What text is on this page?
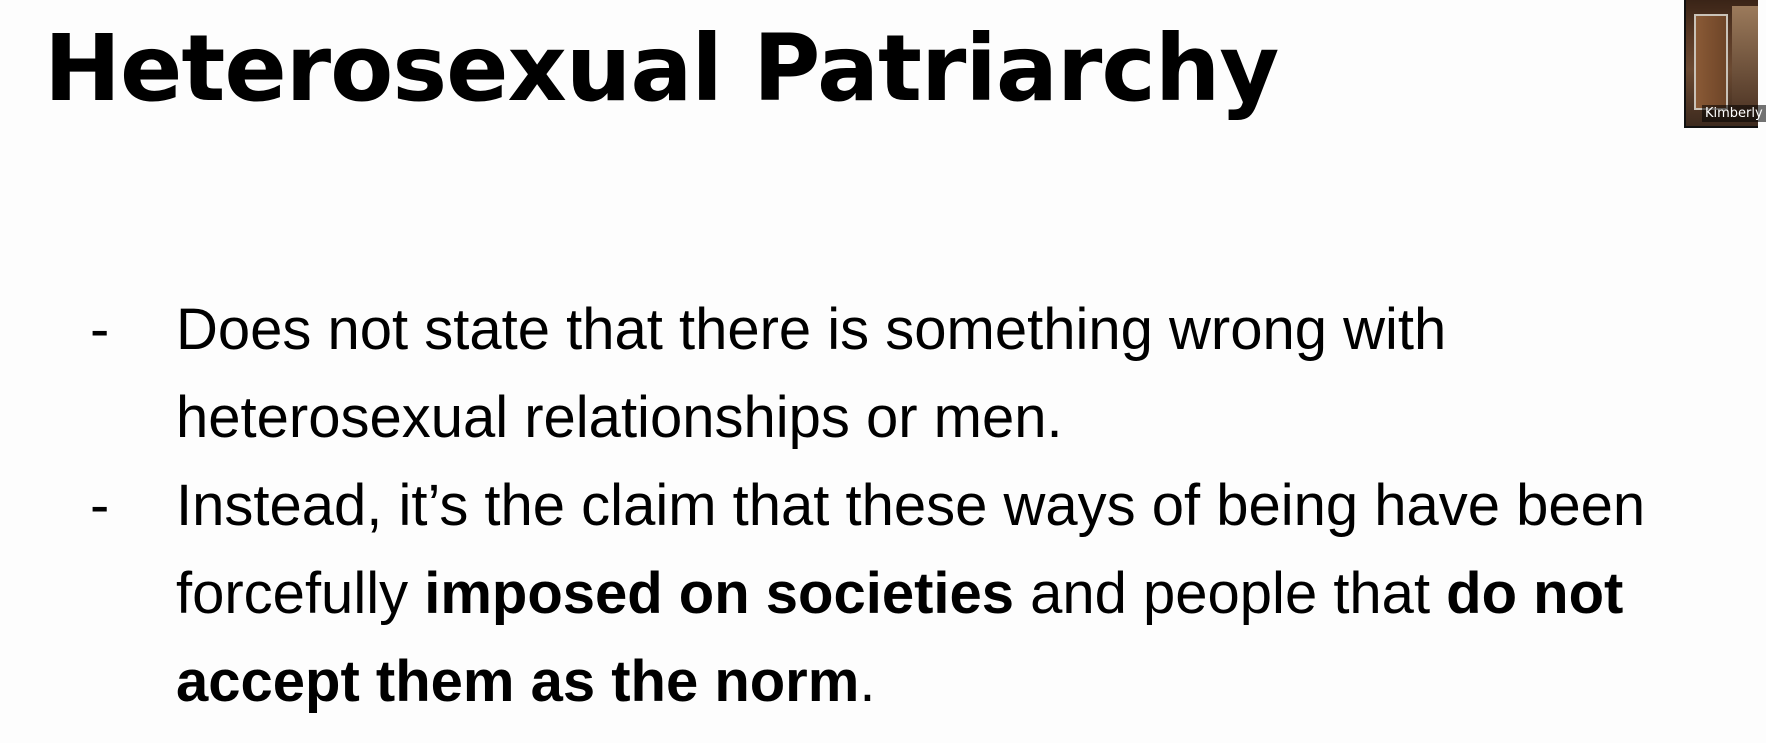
Heterosexual Patriarchy
- Does not state that there is something wrong with heterosexual relationships or men.
- Instead, it’s the claim that these ways of being have been forcefully imposed on societies and people that do not accept them as the norm.
Kimberly
